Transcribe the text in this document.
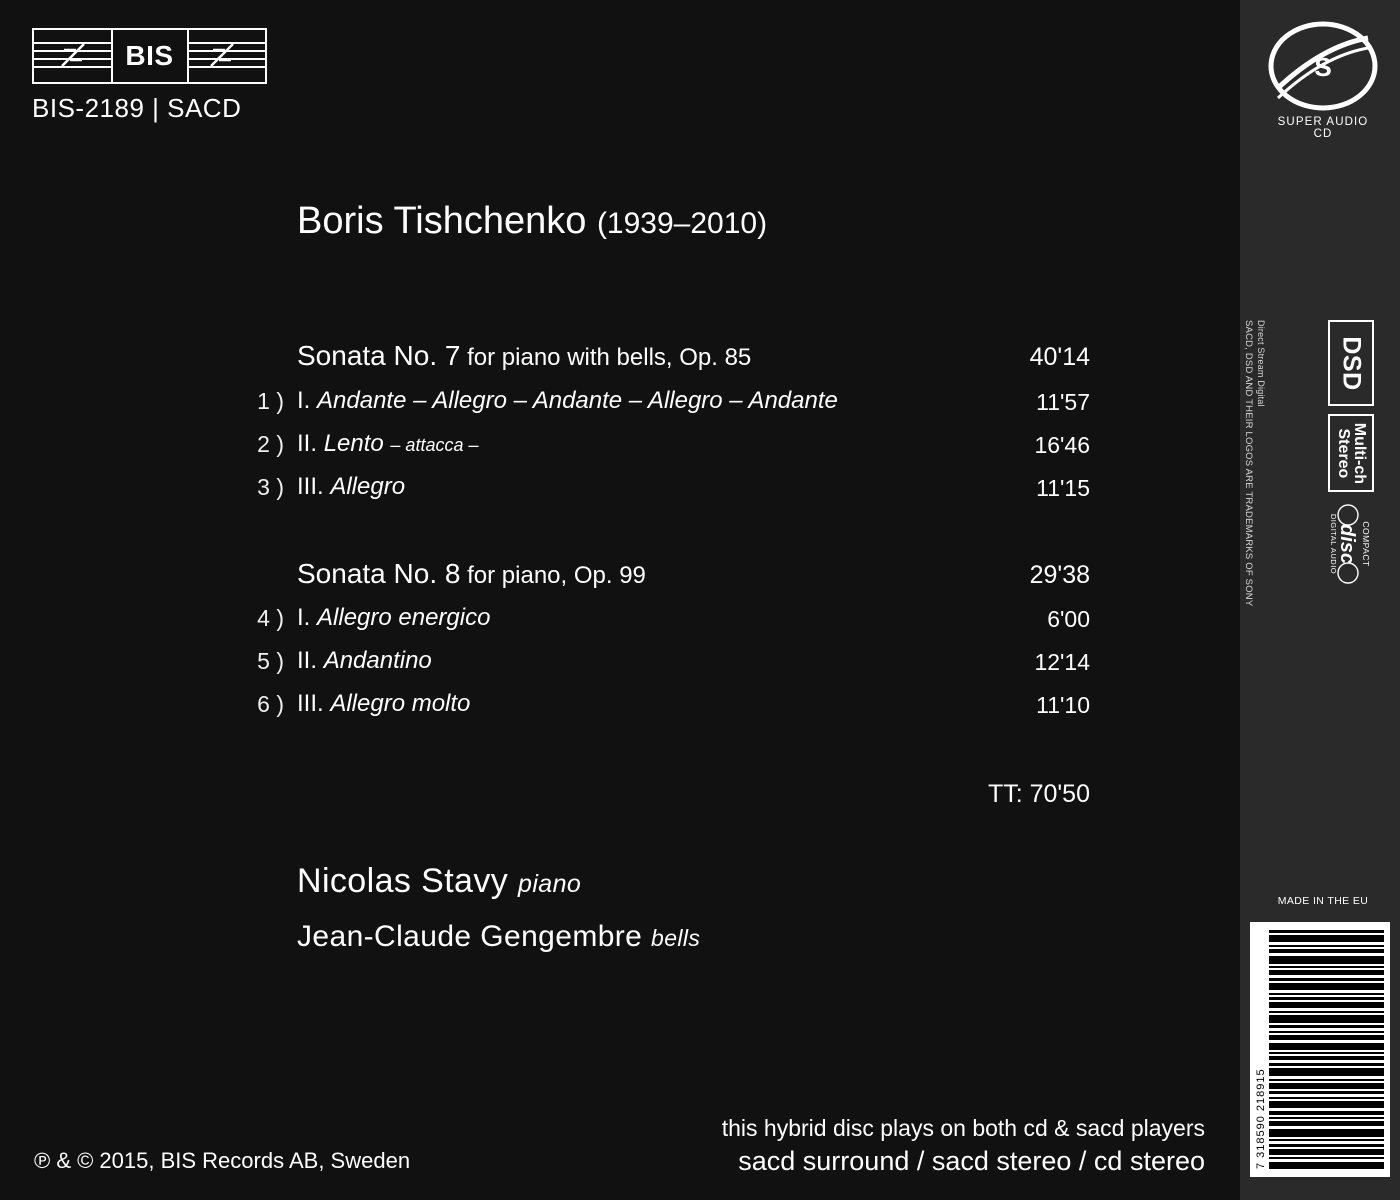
S
SUPER AUDIO CD
SACD, DSD AND THEIR LOGOS ARE TRADEMARKS OF SONY Direct Stream Digital	DSD
Multi-ch
Stereo
COMPACT
disc
DIGITAL AUDIO
MADE IN THE EU
7 318590 218915
BIS
BIS-2189 | SACD
Boris Tishchenko (1939–2010)
Sonata No. 7 for piano with bells, Op. 85	40'14
1 ) I. Andante – Allegro – Andante – Allegro – Andante	11'57
2 ) II. Lento – attacca –	16'46
3 ) III. Allegro	11'15
Sonata No. 8 for piano, Op. 99	29'38
4 ) I. Allegro energico	6'00
5 ) II. Andantino	12'14
6 ) III. Allegro molto	11'10
TT: 70'50
Nicolas Stavy piano
Jean-Claude Gengembre bells
this hybrid disc plays on both cd & sacd players
sacd surround / sacd stereo / cd stereo
℗ & © 2015, BIS Records AB, Sweden
